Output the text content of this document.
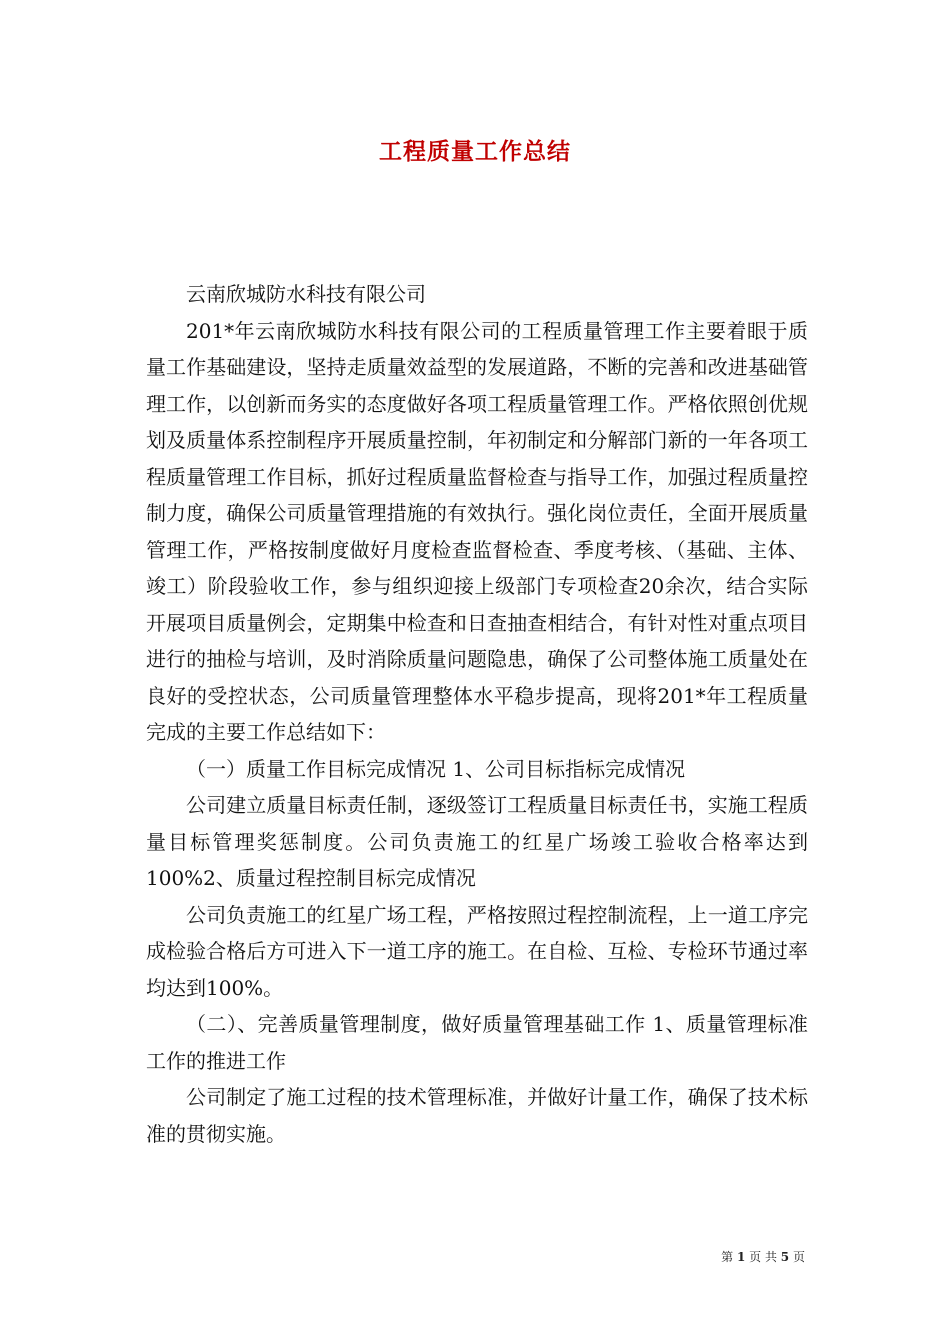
工程质量工作总结

云南欣城防水科技有限公司

201*年云南欣城防水科技有限公司的工程质量管理工作主要着眼于质量工作基础建设，坚持走质量效益型的发展道路，不断的完善和改进基础管理工作，以创新而务实的态度做好各项工程质量管理工作。严格依照创优规划及质量体系控制程序开展质量控制，年初制定和分解部门新的一年各项工程质量管理工作目标，抓好过程质量监督检查与指导工作，加强过程质量控制力度，确保公司质量管理措施的有效执行。强化岗位责任，全面开展质量管理工作，严格按制度做好月度检查监督检查、季度考核、（基础、主体、竣工）阶段验收工作，参与组织迎接上级部门专项检查20余次，结合实际开展项目质量例会，定期集中检查和日查抽查相结合，有针对性对重点项目进行的抽检与培训，及时消除质量问题隐患，确保了公司整体施工质量处在良好的受控状态，公司质量管理整体水平稳步提高，现将201*年工程质量完成的主要工作总结如下：

（一）质量工作目标完成情况 1、公司目标指标完成情况

公司建立质量目标责任制，逐级签订工程质量目标责任书，实施工程质量目标管理奖惩制度。公司负责施工的红星广场竣工验收合格率达到100%2、质量过程控制目标完成情况

公司负责施工的红星广场工程，严格按照过程控制流程，上一道工序完成检验合格后方可进入下一道工序的施工。在自检、互检、专检环节通过率均达到100%。

（二）、完善质量管理制度，做好质量管理基础工作 1、质量管理标准工作的推进工作

公司制定了施工过程的技术管理标准，并做好计量工作，确保了技术标准的贯彻实施。

第 1 页 共 5 页
